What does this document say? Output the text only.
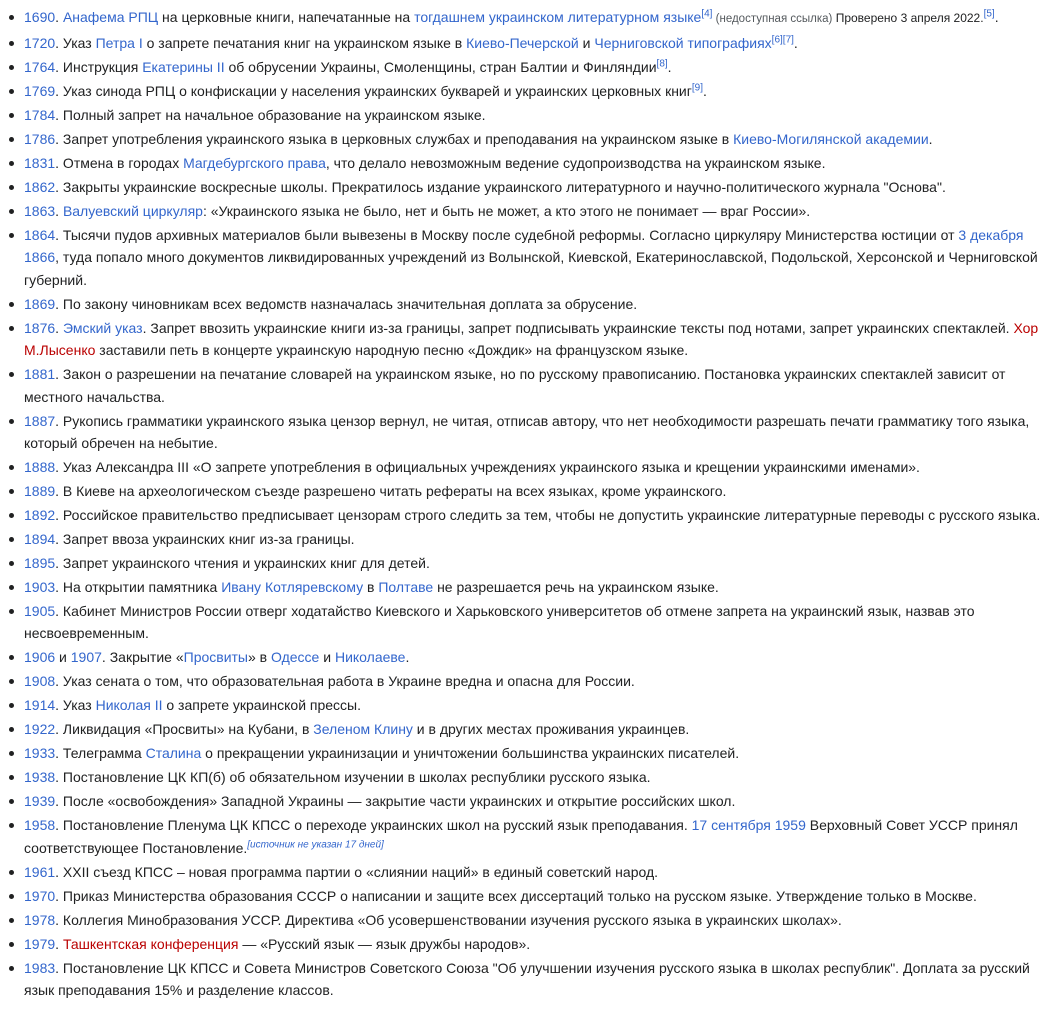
1690. Анафема РПЦ на церковные книги, напечатанные на тогдашнем украинском литературном языке[4] (недоступная ссылка) Проверено 3 апреля 2022.[5].
1720. Указ Петра I о запрете печатания книг на украинском языке в Киево-Печерской и Черниговской типографиях[6][7].
1764. Инструкция Екатерины II об обрусении Украины, Смоленщины, стран Балтии и Финляндии[8].
1769. Указ синода РПЦ о конфискации у населения украинских букварей и украинских церковных книг[9].
1784. Полный запрет на начальное образование на украинском языке.
1786. Запрет употребления украинского языка в церковных службах и преподавания на украинском языке в Киево-Могилянской академии.
1831. Отмена в городах Магдебургского права, что делало невозможным ведение судопроизводства на украинском языке.
1862. Закрыты украинские воскресные школы. Прекратилось издание украинского литературного и научно-политического журнала "Основа".
1863. Валуевский циркуляр: «Украинского языка не было, нет и быть не может, а кто этого не понимает — враг России».
1864. Тысячи пудов архивных материалов были вывезены в Москву после судебной реформы. Согласно циркуляру Министерства юстиции от 3 декабря 1866, туда попало много документов ликвидированных учреждений из Волынской, Киевской, Екатеринославской, Подольской, Херсонской и Черниговской губерний.
1869. По закону чиновникам всех ведомств назначалась значительная доплата за обрусение.
1876. Эмский указ. Запрет ввозить украинские книги из-за границы, запрет подписывать украинские тексты под нотами, запрет украинских спектаклей. Хор М.Лысенко заставили петь в концерте украинскую народную песню «Дождик» на французском языке.
1881. Закон о разрешении на печатание словарей на украинском языке, но по русскому правописанию. Постановка украинских спектаклей зависит от местного начальства.
1887. Рукопись грамматики украинского языка цензор вернул, не читая, отписав автору, что нет необходимости разрешать печати грамматику того языка, который обречен на небытие.
1888. Указ Александра III «О запрете употребления в официальных учреждениях украинского языка и крещении украинскими именами».
1889. В Киеве на археологическом съезде разрешено читать рефераты на всех языках, кроме украинского.
1892. Российское правительство предписывает цензорам строго следить за тем, чтобы не допустить украинские литературные переводы с русского языка.
1894. Запрет ввоза украинских книг из-за границы.
1895. Запрет украинского чтения и украинских книг для детей.
1903. На открытии памятника Ивану Котляревскому в Полтаве не разрешается речь на украинском языке.
1905. Кабинет Министров России отверг ходатайство Киевского и Харьковского университетов об отмене запрета на украинский язык, назвав это несвоевременным.
1906 и 1907. Закрытие «Просвиты» в Одессе и Николаеве.
1908. Указ сената о том, что образовательная работа в Украине вредна и опасна для России.
1914. Указ Николая II о запрете украинской прессы.
1922. Ликвидация «Просвиты» на Кубани, в Зеленом Клину и в других местах проживания украинцев.
1933. Телеграмма Сталина о прекращении украинизации и уничтожении большинства украинских писателей.
1938. Постановление ЦК КП(б) об обязательном изучении в школах республики русского языка.
1939. После «освобождения» Западной Украины — закрытие части украинских и открытие российских школ.
1958. Постановление Пленума ЦК КПСС о переходе украинских школ на русский язык преподавания. 17 сентября 1959 Верховный Совет УССР принял соответствующее Постановление.[источник не указан 17 дней]
1961. XXII съезд КПСС – новая программа партии о «слиянии наций» в единый советский народ.
1970. Приказ Министерства образования СССР о написании и защите всех диссертаций только на русском языке. Утверждение только в Москве.
1978. Коллегия Минобразования УССР. Директива «Об усовершенствовании изучения русского языка в украинских школах».
1979. Ташкентская конференция — «Русский язык — язык дружбы народов».
1983. Постановление ЦК КПСС и Совета Министров Советского Союза "Об улучшении изучения русского языка в школах республик". Доплата за русский язык преподавания 15% и разделение классов.
